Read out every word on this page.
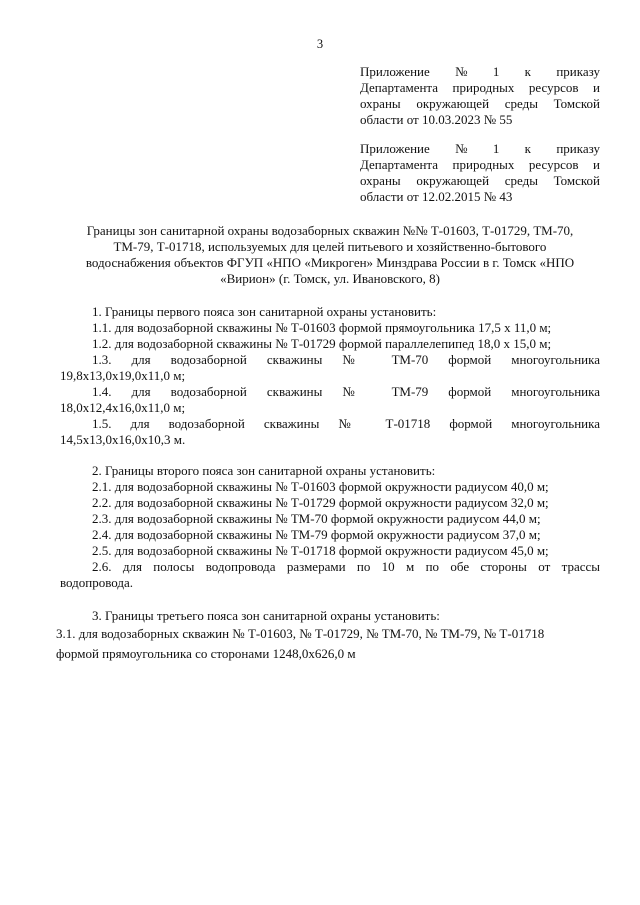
3
Приложение № 1 к приказу
Департамента природных ресурсов и
охраны окружающей среды Томской
области от 10.03.2023 № 55
Приложение № 1 к приказу
Департамента природных ресурсов и
охраны окружающей среды Томской
области от 12.02.2015 № 43
Границы зон санитарной охраны водозаборных скважин №№ Т-01603, Т-01729, ТМ-70,
ТМ-79, Т-01718, используемых для целей питьевого и хозяйственно-бытового
водоснабжения объектов ФГУП «НПО «Микроген» Минздрава России в г. Томск «НПО
«Вирион» (г. Томск, ул. Ивановского, 8)
1. Границы первого пояса зон санитарной охраны установить:
1.1. для водозаборной скважины № Т-01603 формой прямоугольника 17,5 x 11,0 м;
1.2. для водозаборной скважины № Т-01729 формой параллелепипед 18,0 x 15,0 м;
1.3. для водозаборной скважины № ТМ-70 формой многоугольника
19,8x13,0x19,0x11,0 м;
1.4. для водозаборной скважины № ТМ-79 формой многоугольника
18,0x12,4x16,0x11,0 м;
1.5. для водозаборной скважины № Т-01718 формой многоугольника
14,5x13,0x16,0x10,3 м.
2. Границы второго пояса зон санитарной охраны установить:
2.1. для водозаборной скважины № Т-01603 формой окружности радиусом 40,0 м;
2.2. для водозаборной скважины № Т-01729 формой окружности радиусом 32,0 м;
2.3. для водозаборной скважины № ТМ-70 формой окружности радиусом 44,0 м;
2.4. для водозаборной скважины № ТМ-79 формой окружности радиусом 37,0 м;
2.5. для водозаборной скважины № Т-01718 формой окружности радиусом 45,0 м;
2.6. для полосы водопровода размерами по 10 м по обе стороны от трассы
водопровода.
3. Границы третьего пояса зон санитарной охраны установить:
3.1. для водозаборных скважин № Т-01603, № Т-01729, № ТМ-70, № ТМ-79, № Т-01718
формой прямоугольника со сторонами 1248,0x626,0 м
